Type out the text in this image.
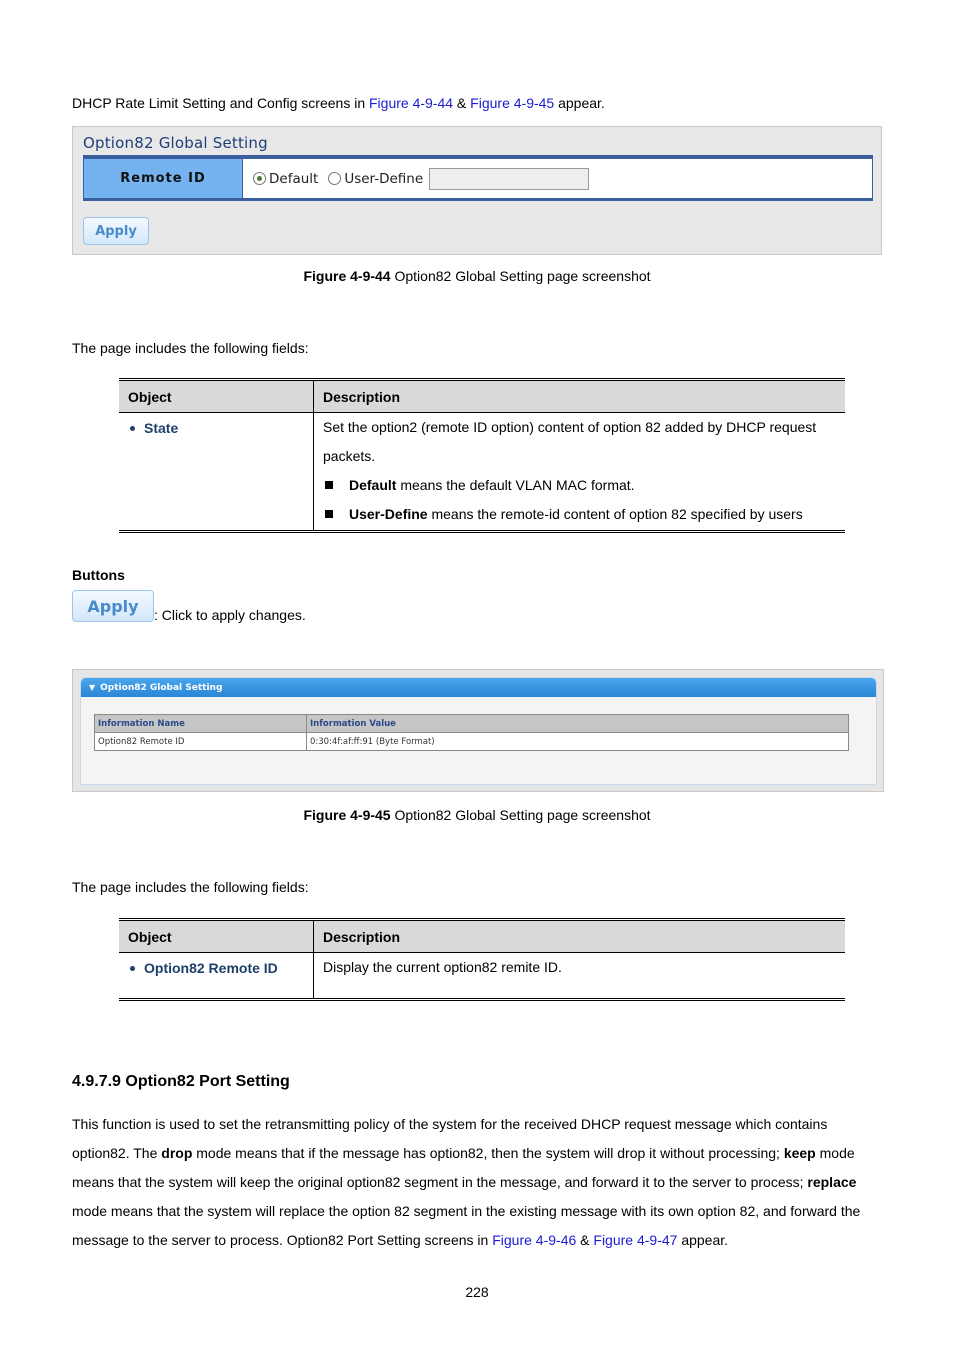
DHCP Rate Limit Setting and Config screens in Figure 4-9-44 & Figure 4-9-45 appear.
Option82 Global Setting
Remote ID	Default User-Define
Apply
Figure 4-9-44 Option82 Global Setting page screenshot
The page includes the following fields:
Object	Description
State	Set the option2 (remote ID option) content of option 82 added by DHCP request
packets.
Default means the default VLAN MAC format.
User-Define means the remote-id content of option 82 specified by users
Buttons
Apply	: Click to apply changes.
▼ Option82 Global Setting
Information Name	Information Value
Option82 Remote ID	0:30:4f:af:ff:91 (Byte Format)
Figure 4-9-45 Option82 Global Setting page screenshot
The page includes the following fields:
Object	Description
Option82 Remote ID	Display the current option82 remite ID.
4.9.7.9 Option82 Port Setting
This function is used to set the retransmitting policy of the system for the received DHCP request message which contains
option82. The drop mode means that if the message has option82, then the system will drop it without processing; keep mode
means that the system will keep the original option82 segment in the message, and forward it to the server to process; replace
mode means that the system will replace the option 82 segment in the existing message with its own option 82, and forward the
message to the server to process. Option82 Port Setting screens in Figure 4-9-46 & Figure 4-9-47 appear.
228
